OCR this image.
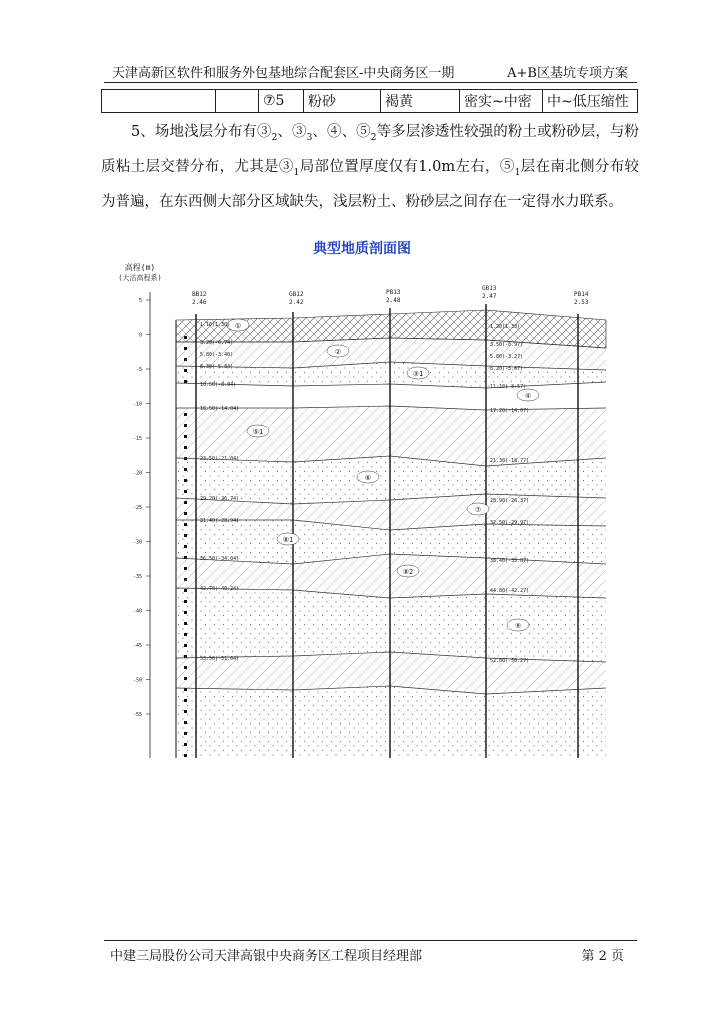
天津高新区软件和服务外包基地综合配套区-中央商务区一期	A+B区基坑专项方案
		⑦5	粉砂	褐黄	密实~中密	中~低压缩性

5、场地浅层分布有$③_2$、$③_3$、④、$⑤_2$等多层渗透性较强的粉土或粉砂层，与粉质粘土层交替分布，尤其是$③_1$局部位置厚度仅有1.0m左右，$⑤_1$层在南北侧分布较为普遍，在东西侧大部分区域缺失，浅层粉土、粉砂层之间存在一定得水力联系。

典型地质剖面图
高程(m)
(大沽高程系)
5
0
-5
-10
-15
-20
-25
-30
-35
-40
-45
-50
-55
BB12
2.46
GB12
2.42
PB13
2.48
GB13
2.47	PB14
2.53
①
②
③1
④
⑤1
⑥
⑦
⑧1
⑧2
⑨
1.10(1.30)
3.20(-0.74)
5.80(-3.40)
8.30(-5.84)
10.50(-8.04)
16.50(-14.04)
23.50(-21.04)
29.20(-26.74)
31.40(-28.94)
36.50(-34.04)
42.70(-40.24)
53.50(-51.04)
1.20(1.33)
3.50(-0.97)
5.80(-3.27)
8.20(-5.67)
11.10(-8.57)
17.20(-14.67)
21.30(-18.77)
28.90(-26.37)
32.50(-29.97)
38.40(-35.87)
44.80(-42.27)
52.80(-50.27)
中建三局股份公司天津高银中央商务区工程项目经理部	第 2 页
